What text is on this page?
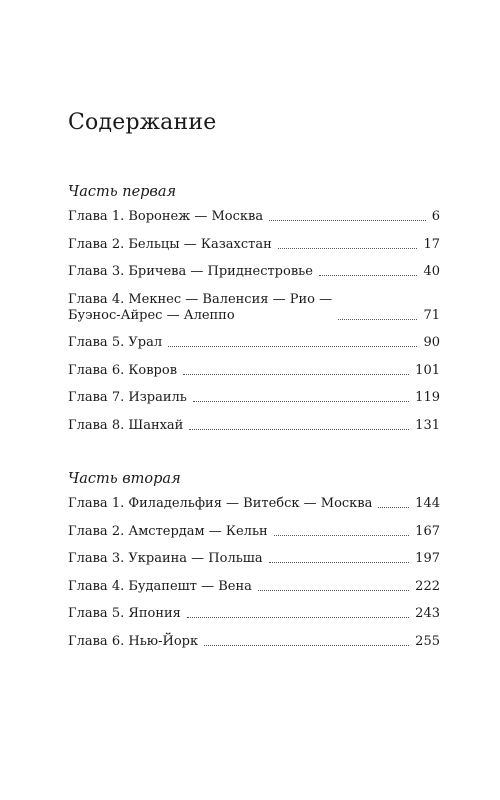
Содержание
Часть первая
Глава 1. Воронеж — Москва	6
Глава 2. Бельцы — Казахстан	17
Глава 3. Бричева — Приднестровье	40
Глава 4. Мекнес — Валенсия — Рио —
Буэнос-Айрес — Алеппо	71
Глава 5. Урал	90
Глава 6. Ковров	101
Глава 7. Израиль	119
Глава 8. Шанхай	131
Часть вторая
Глава 1. Филадельфия — Витебск — Москва	144
Глава 2. Амстердам — Кельн	167
Глава 3. Украина — Польша	197
Глава 4. Будапешт — Вена	222
Глава 5. Япония	243
Глава 6. Нью-Йорк	255
